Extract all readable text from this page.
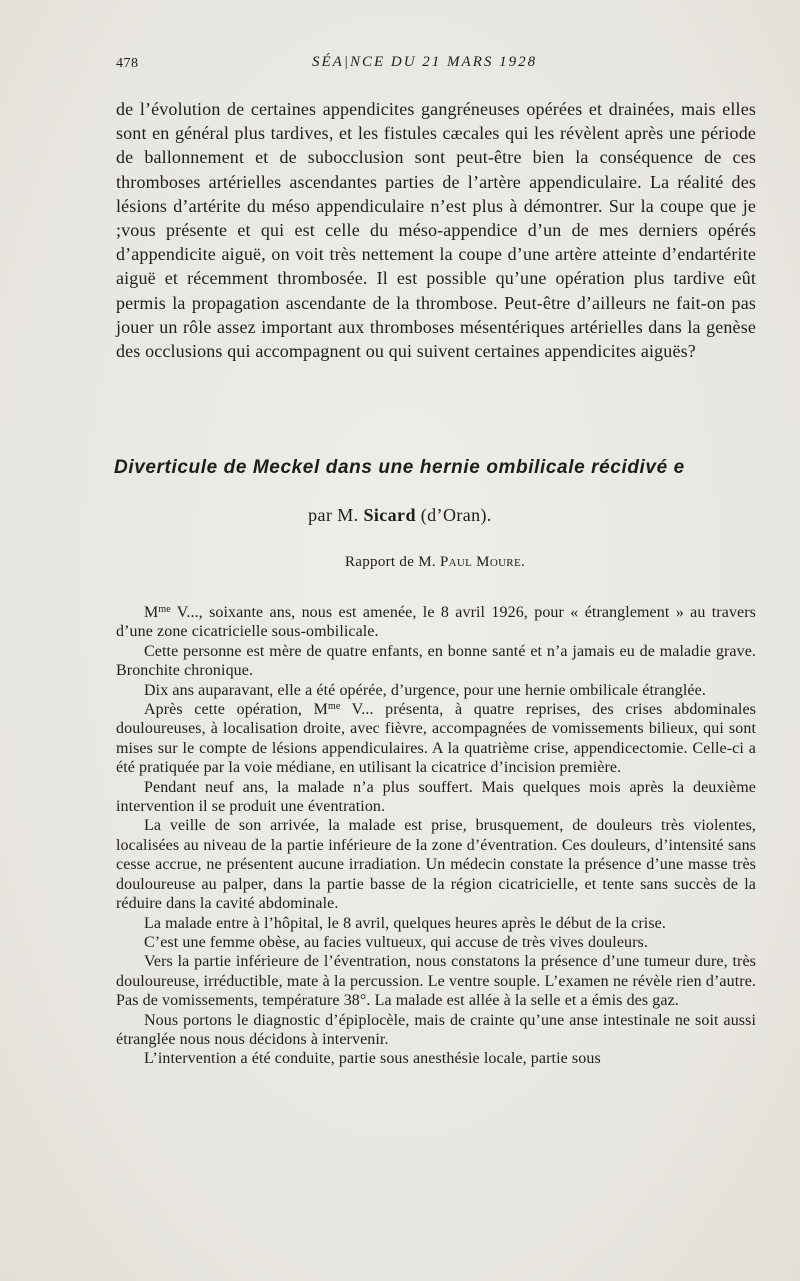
478	SÉA|NCE DU 21 MARS 1928

de l’évolution de certaines appendicites gangréneuses opérées et drainées, mais elles sont en général plus tardives, et les fistules cæcales qui les révèlent après une période de ballonnement et de subocclusion sont peut-être bien la conséquence de ces thromboses artérielles ascendantes parties de l’artère appendiculaire. La réalité des lésions d’artérite du méso appendiculaire n’est plus à démontrer. Sur la coupe que je ;vous présente et qui est celle du méso-appendice d’un de mes derniers opérés d’appendicite aiguë, on voit très nettement la coupe d’une artère atteinte d’endartérite aiguë et récemment thrombosée. Il est possible qu’une opération plus tardive eût permis la propagation ascendante de la thrombose. Peut-être d’ailleurs ne fait-on pas jouer un rôle assez important aux thromboses mésentériques artérielles dans la genèse des occlusions qui accompagnent ou qui suivent certaines appendicites aiguës?

Diverticule de Meckel dans une hernie ombilicale récidivé e
par M. Sicard (d’Oran).
Rapport de M. Paul Moure.

$M^{me}$ V..., soixante ans, nous est amenée, le 8 avril 1926, pour « étranglement » au travers d’une zone cicatricielle sous-ombilicale.

Cette personne est mère de quatre enfants, en bonne santé et n’a jamais eu de maladie grave. Bronchite chronique.

Dix ans auparavant, elle a été opérée, d’urgence, pour une hernie ombilicale étranglée.

Après cette opération, $M^{me}$ V... présenta, à quatre reprises, des crises abdominales douloureuses, à localisation droite, avec fièvre, accompagnées de vomissements bilieux, qui sont mises sur le compte de lésions appendiculaires. A la quatrième crise, appendicectomie. Celle-ci a été pratiquée par la voie médiane, en utilisant la cicatrice d’incision première.

Pendant neuf ans, la malade n’a plus souffert. Mais quelques mois après la deuxième intervention il se produit une éventration.

La veille de son arrivée, la malade est prise, brusquement, de douleurs très violentes, localisées au niveau de la partie inférieure de la zone d’éventration. Ces douleurs, d’intensité sans cesse accrue, ne présentent aucune irradiation. Un médecin constate la présence d’une masse très douloureuse au palper, dans la partie basse de la région cicatricielle, et tente sans succès de la réduire dans la cavité abdominale.

La malade entre à l’hôpital, le 8 avril, quelques heures après le début de la crise.

C’est une femme obèse, au facies vultueux, qui accuse de très vives douleurs.

Vers la partie inférieure de l’éventration, nous constatons la présence d’une tumeur dure, très douloureuse, irréductible, mate à la percussion. Le ventre souple. L’examen ne révèle rien d’autre. Pas de vomissements, température 38°. La malade est allée à la selle et a émis des gaz.

Nous portons le diagnostic d’épiplocèle, mais de crainte qu’une anse intestinale ne soit aussi étranglée nous nous décidons à intervenir.

L’intervention a été conduite, partie sous anesthésie locale, partie sous
